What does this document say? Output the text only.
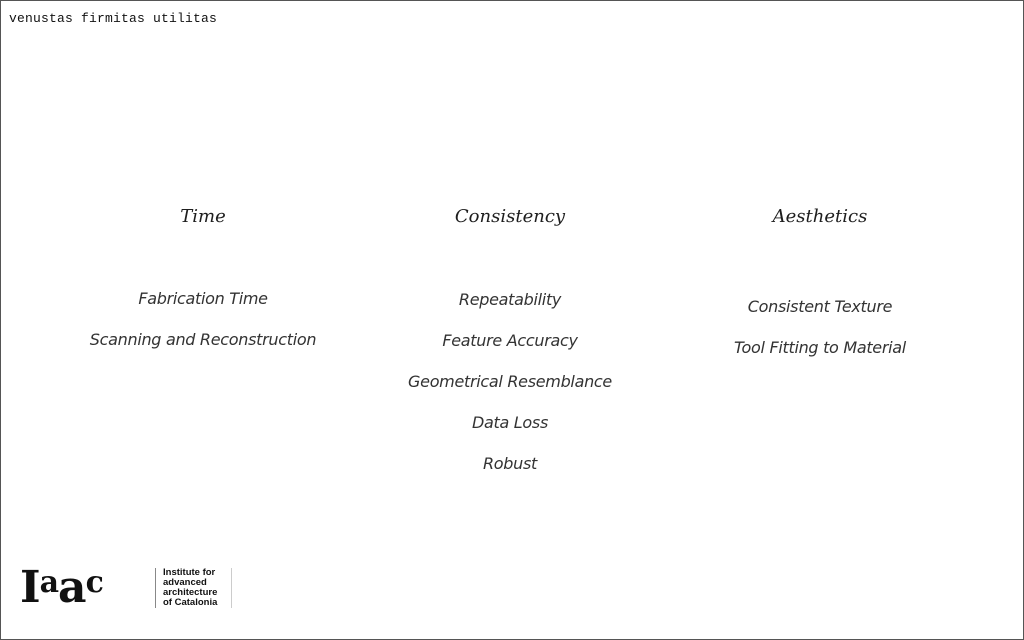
venustas firmitas utilitas
Time
Fabrication Time
Scanning and Reconstruction
Consistency
Repeatability
Feature Accuracy
Geometrical Resemblance
Data Loss
Robust
Aesthetics
Consistent Texture
Tool Fitting to Material
Iaac	Institute for
advanced
architecture
of Catalonia
